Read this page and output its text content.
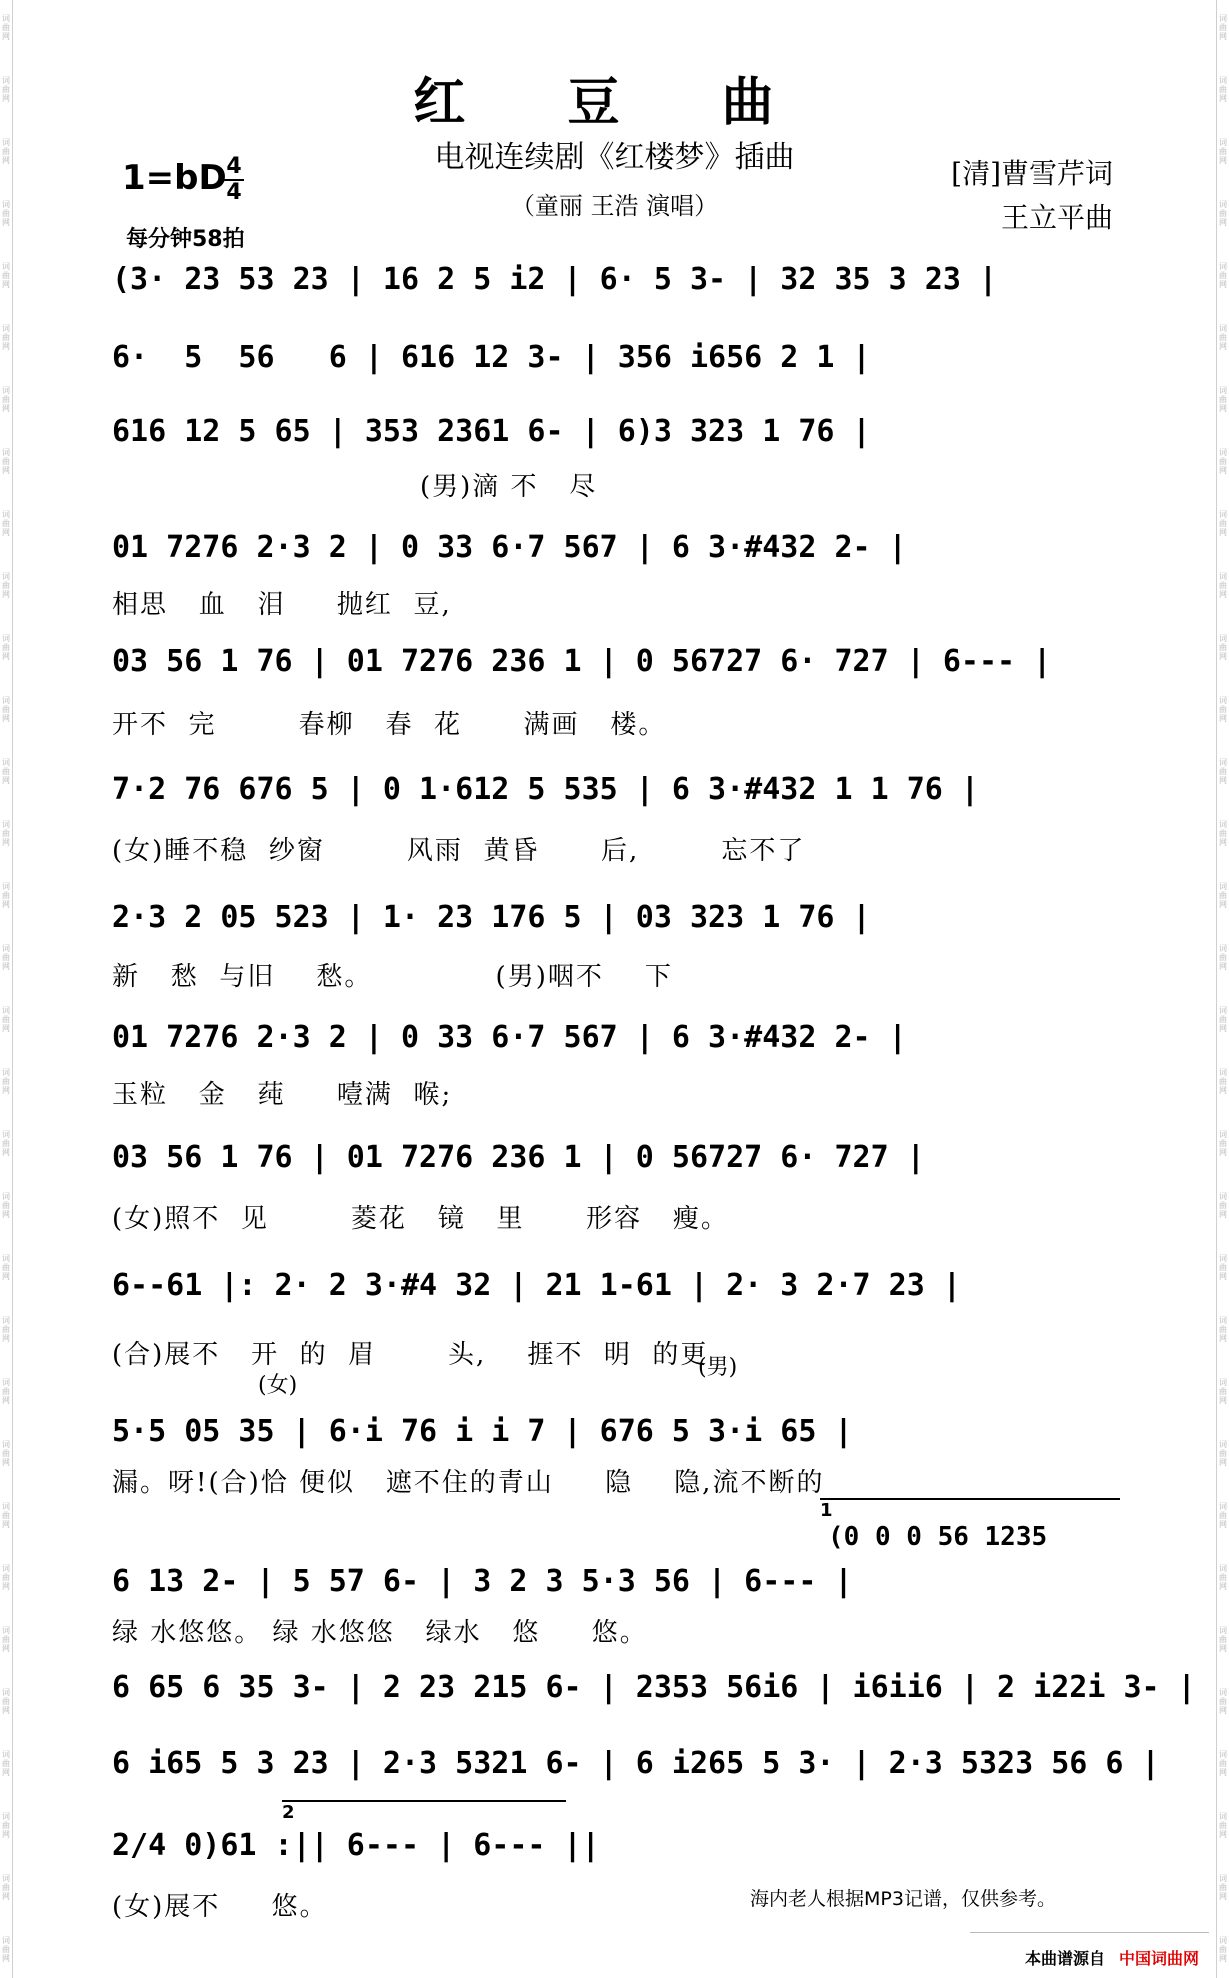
词
曲
网
词
曲
网
词
曲
网
词
曲
网
词
曲
网
词
曲
网
词
曲
网
词
曲
网
词
曲
网
词
曲
网
词
曲
网
词
曲
网
词
曲
网
词
曲
网
词
曲
网
词
曲
网
词
曲
网
词
曲
网
词
曲
网
词
曲
网
词
曲
网
词
曲
网
词
曲
网
词
曲
网
词
曲
网
词
曲
网
词
曲
网
词
曲
网
词
曲
网
词
曲
网
词
曲
网
词
曲
网
词
曲
网
词
曲
网
词
曲
网
词
曲
网
词
曲
网
词
曲
网
词
曲
网
词
曲
网
词
曲
网
词
曲
网
词
曲
网
词
曲
网
词
曲
网
词
曲
网
词
曲
网
词
曲
网
词
曲
网
词
曲
网
词
曲
网
词
曲
网
词
曲
网
词
曲
网
词
曲
网
词
曲
网
词
曲
网
词
曲
网
词
曲
网
词
曲
网
词
曲
网
词
曲
网
词
曲
网
词
曲
网
红 豆 曲
电视连续剧《红楼梦》插曲
（童丽 王浩 演唱）
1=bD 4
4
每分钟58拍
[清]曹雪芹词
王立平曲
(3· 23 53 23 | 16 2 5 i2 | 6· 5 3- | 32 35 3 23 |
6·  5  56   6 | 616 12 3- | 356 i656 2 1 |
616 12 5 65 | 353 2361 6- | 6)3 323 1 76 |
(男)滴 不   尽
01 7276 2·3 2 | 0 33 6·7 567 | 6 3·#432 2- |
相思   血   泪     抛红  豆,
03 56 1 76 | 01 7276 236 1 | 0 56727 6· 727 | 6--- |
开不  完        春柳   春  花      满画   楼。
7·2 76 676 5 | 0 1·612 5 535 | 6 3·#432 1 1 76 |
(女)睡不稳  纱窗        风雨  黄昏      后,        忘不了
2·3 2 05 523 | 1· 23 176 5 | 03 323 1 76 |
新   愁  与旧    愁。            (男)咽不    下
01 7276 2·3 2 | 0 33 6·7 567 | 6 3·#432 2- |
玉粒   金   莼     噎满  喉;
03 56 1 76 | 01 7276 236 1 | 0 56727 6· 727 |
(女)照不  见        菱花   镜   里      形容   瘦。
6--61 |: 2· 2 3·#4 32 | 21 1-61 | 2· 3 2·7 23 |
(合)展不   开  的  眉       头,    捱不  明  的更
5·5 05 35 | 6·i 76 i i 7 | 676 5 3·i 65 |
漏。呀!(合)恰 便似   遮不住的青山     隐    隐,流不断的
6 13 2- | 5 57 6- | 3 2 3 5·3 56 | 6--- |
绿 水悠悠。 绿 水悠悠   绿水   悠     悠。
6 65 6 35 3- | 2 23 215 6- | 2353 56i6 | i6ii6 | 2 i22i 3- |
6 i65 5 3 23 | 2·3 5321 6- | 6 i265 5 3· | 2·3 5323 56 6 |
2/4 0)61 :|| 6--- | 6--- ||
(女)展不     悠。
(0 0 0 56 1235
1
2
(男)
(女)
海内老人根据MP3记谱，仅供参考。
本曲谱源自 中国词曲网
